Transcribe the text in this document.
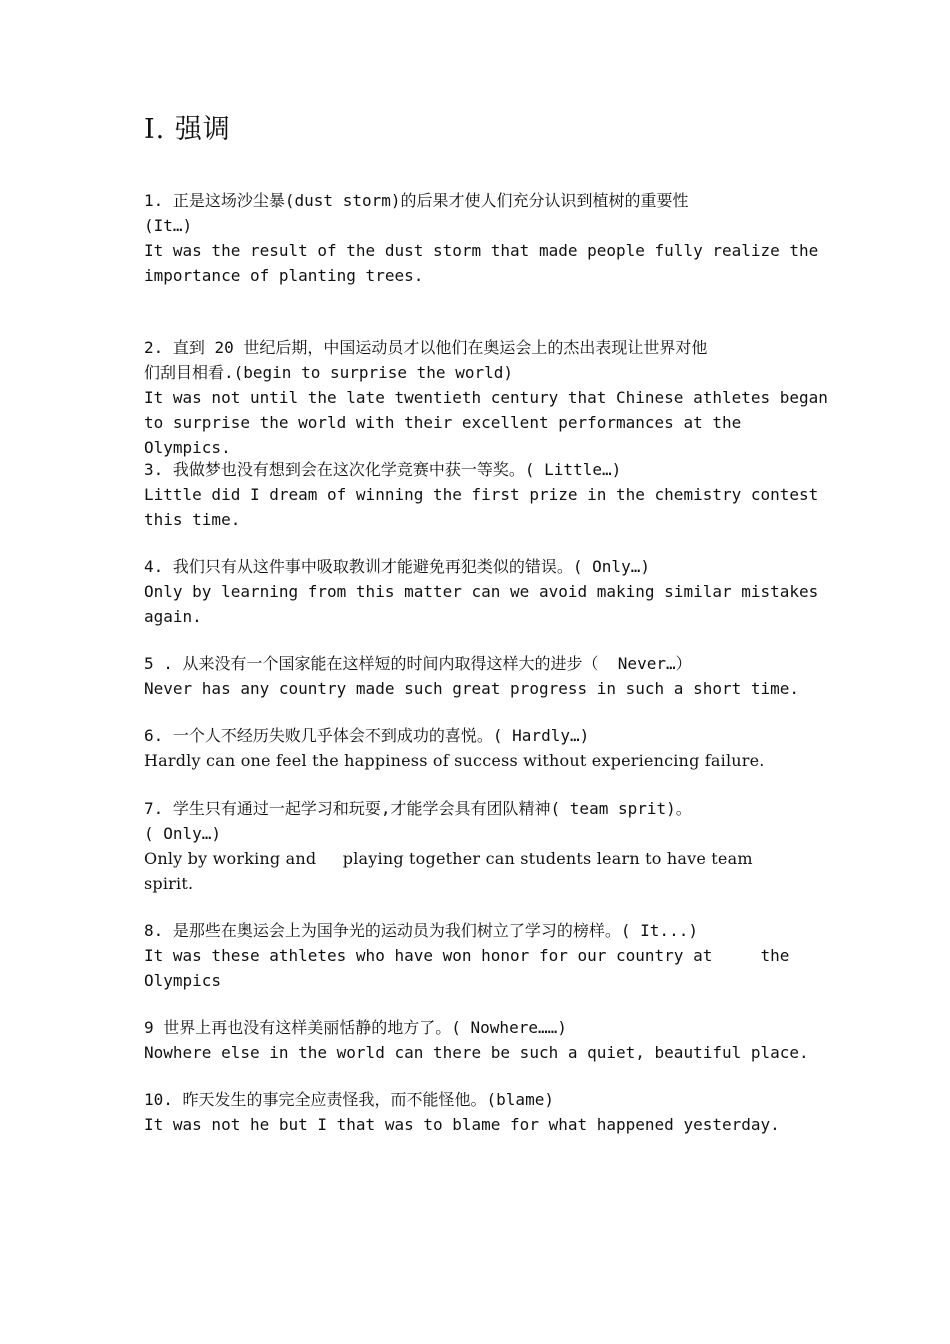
I. 强调
1. 正是这场沙尘暴(dust storm)的后果才使人们充分认识到植树的重要性
(It…)
It was the result of the dust storm that made people fully realize the
importance of planting trees.
2. 直到 20 世纪后期，中国运动员才以他们在奥运会上的杰出表现让世界对他
们刮目相看.(begin to surprise the world)
It was not until the late twentieth century that Chinese athletes began
to surprise the world with their excellent performances at the Olympics.
3. 我做梦也没有想到会在这次化学竞赛中获一等奖。( Little…)
Little did I dream of winning the first prize in the chemistry contest
this time.
4. 我们只有从这件事中吸取教训才能避免再犯类似的错误。( Only…)
Only by learning from this matter can we avoid making similar mistakes
again.
5 . 从来没有一个国家能在这样短的时间内取得这样大的进步（  Never…）
Never has any country made such great progress in such a short time.
6. 一个人不经历失败几乎体会不到成功的喜悦。( Hardly…)
Hardly can one feel the happiness of success without experiencing failure.
7. 学生只有通过一起学习和玩耍,才能学会具有团队精神( team sprit)。
( Only…)
Only by working and     playing together can students learn to have team
spirit.
8. 是那些在奥运会上为国争光的运动员为我们树立了学习的榜样。( It...)
It was these athletes who have won honor for our country at     the
Olympics
9 世界上再也没有这样美丽恬静的地方了。( Nowhere……)
Nowhere else in the world can there be such a quiet, beautiful place.
10. 昨天发生的事完全应责怪我，而不能怪他。(blame)
It was not he but I that was to blame for what happened yesterday.
